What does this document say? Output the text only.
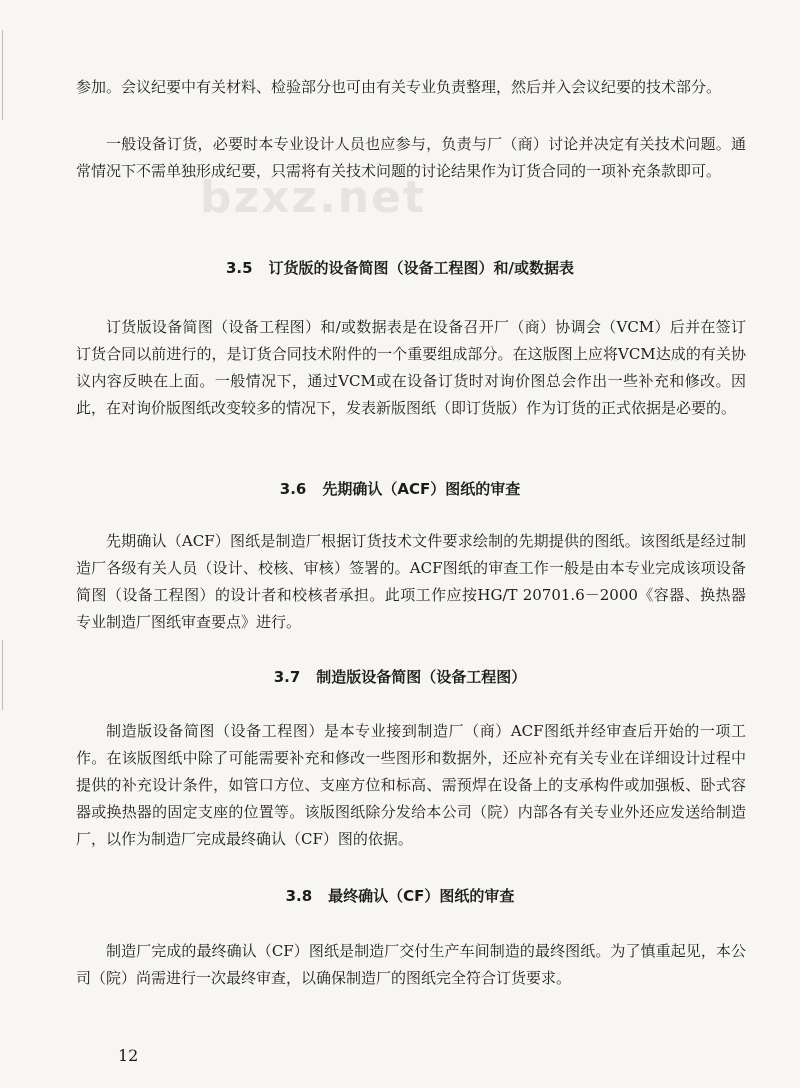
bzxz.net

参加。会议纪要中有关材料、检验部分也可由有关专业负责整理，然后并入会议纪要的技术部分。

一般设备订货，必要时本专业设计人员也应参与，负责与厂（商）讨论并决定有关技术问题。通常情况下不需单独形成纪要，只需将有关技术问题的讨论结果作为订货合同的一项补充条款即可。

3.5 订货版的设备简图（设备工程图）和/或数据表

订货版设备简图（设备工程图）和/或数据表是在设备召开厂（商）协调会（VCM）后并在签订订货合同以前进行的，是订货合同技术附件的一个重要组成部分。在这版图上应将VCM达成的有关协议内容反映在上面。一般情况下，通过VCM或在设备订货时对询价图总会作出一些补充和修改。因此，在对询价版图纸改变较多的情况下，发表新版图纸（即订货版）作为订货的正式依据是必要的。

3.6 先期确认（ACF）图纸的审查

先期确认（ACF）图纸是制造厂根据订货技术文件要求绘制的先期提供的图纸。该图纸是经过制造厂各级有关人员（设计、校核、审核）签署的。ACF图纸的审查工作一般是由本专业完成该项设备简图（设备工程图）的设计者和校核者承担。此项工作应按HG/T 20701.6－2000《容器、换热器专业制造厂图纸审查要点》进行。

3.7 制造版设备简图（设备工程图）

制造版设备简图（设备工程图）是本专业接到制造厂（商）ACF图纸并经审查后开始的一项工作。在该版图纸中除了可能需要补充和修改一些图形和数据外，还应补充有关专业在详细设计过程中提供的补充设计条件，如管口方位、支座方位和标高、需预焊在设备上的支承构件或加强板、卧式容器或换热器的固定支座的位置等。该版图纸除分发给本公司（院）内部各有关专业外还应发送给制造厂，以作为制造厂完成最终确认（CF）图的依据。

3.8 最终确认（CF）图纸的审查

制造厂完成的最终确认（CF）图纸是制造厂交付生产车间制造的最终图纸。为了慎重起见，本公司（院）尚需进行一次最终审查，以确保制造厂的图纸完全符合订货要求。

12
